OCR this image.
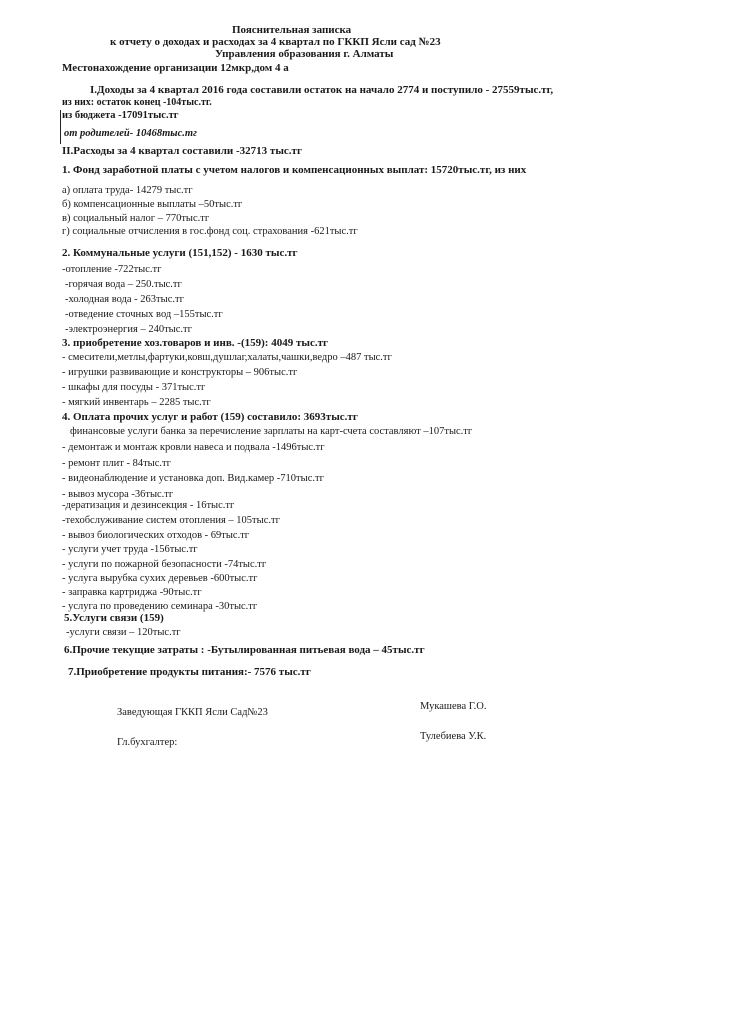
Пояснительная записка
к отчету о доходах и расходах за 4 квартал по ГККП Ясли сад №23
Управления образования г. Алматы
Местонахождение организации 12мкр,дом 4 а
I.Доходы за 4 квартал 2016 года составили остаток на начало 2774 и поступило - 27559тыс.тг,
из них: остаток конец -104тыс.тг.
из бюджета -17091тыс.тг
от родителей- 10468тыс.тг
II.Расходы за 4 квартал составили -32713 тыс.тг
1. Фонд заработной платы с учетом налогов и компенсационных выплат: 15720тыс.тг, из них
а) оплата труда- 14279 тыс.тг
б) компенсационные выплаты –50тыс.тг
в) социальный налог – 770тыс.тг
г) социальные отчисления в гос.фонд соц. страхования -621тыс.тг
2. Коммунальные услуги (151,152) - 1630 тыс.тг
-отопление -722тыс.тг
-горячая вода – 250.тыс.тг
-холодная вода - 263тыс.тг
-отведение сточных вод –155тыс.тг
-электроэнергия – 240тыс.тг
3. приобретение хоз.товаров и инв. -(159): 4049 тыс.тг
- смесители,метлы,фартуки,ковш,душлаг,халаты,чашки,ведро –487 тыс.тг
- игрушки развивающие и конструкторы – 906тыс.тг
- шкафы для посуды - 371тыс.тг
- мягкий инвентарь – 2285 тыс.тг
4. Оплата прочих услуг и работ (159) составило: 3693тыс.тг
финансовые услуги банка за перечисление зарплаты на карт-счета составляют –107тыс.тг
- демонтаж и монтаж кровли навеса и подвала -1496тыс.тг
- ремонт плит - 84тыс.тг
- видеонаблюдение и установка доп. Вид.камер -710тыс.тг
- вывоз мусора -36тыс.тг
-дератизация и дезинсекция - 16тыс.тг
-техобслуживание систем отопления – 105тыс.тг
- вывоз биологических отходов - 69тыс.тг
- услуги учет труда -156тыс.тг
- услуги по пожарной безопасности -74тыс.тг
- услуга вырубка сухих деревьев -600тыс.тг
- заправка картриджа -90тыс.тг
- услуга по проведению семинара -30тыс.тг
5.Услуги связи (159)
-услуги связи – 120тыс.тг
6.Прочие текущие затраты : -Бутылированная питьевая вода – 45тыс.тг
7.Приобретение продукты питания:- 7576 тыс.тг
Заведующая ГККП Ясли Сад№23
Мукашева Г.О.
Гл.бухгалтер:
Тулебиева У.К.
